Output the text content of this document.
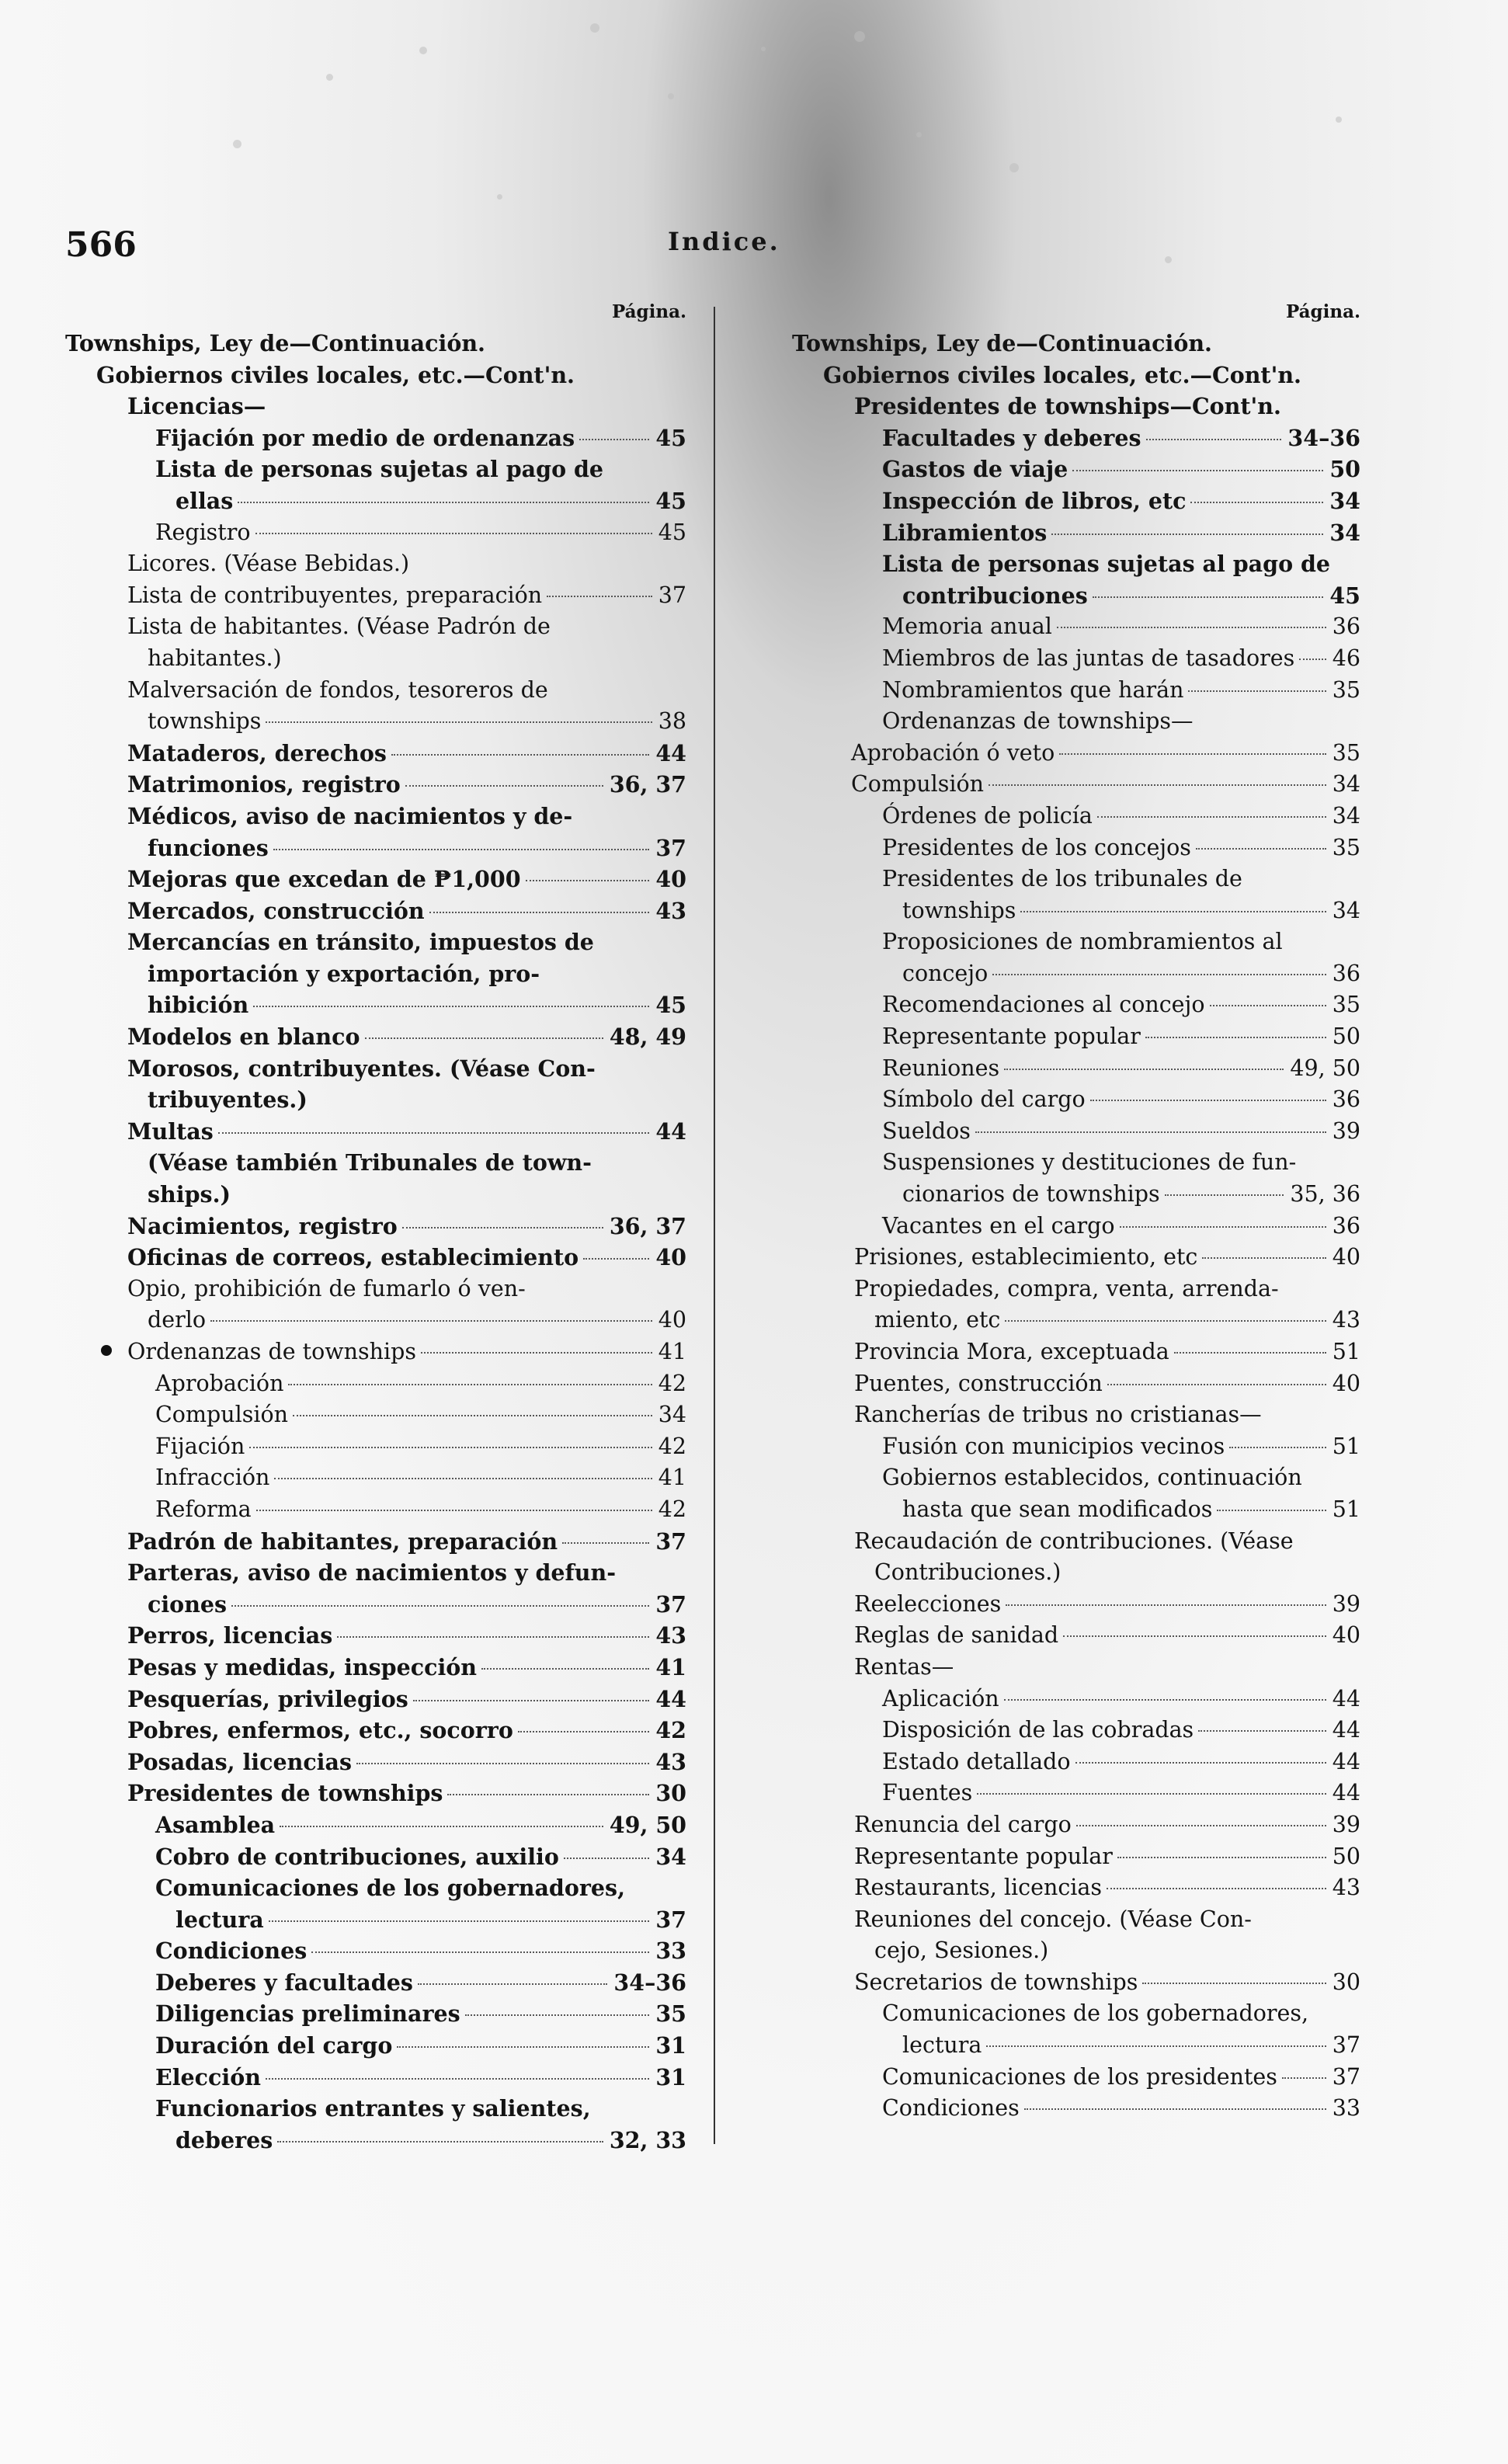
566	Indice.
Página.
Townships, Ley de—Continuación.
Gobiernos civiles locales, etc.—Cont'n.
Licencias—
Fijación por medio de ordenanzas	45
Lista de personas sujetas al pago de
ellas	45
Registro	45
Licores. (Véase Bebidas.)
Lista de contribuyentes, preparación	37
Lista de habitantes. (Véase Padrón de
habitantes.)
Malversación de fondos, tesoreros de
townships	38
Mataderos, derechos	44
Matrimonios, registro	36, 37
Médicos, aviso de nacimientos y de-
funciones	37
Mejoras que excedan de ₱1,000	40
Mercados, construcción	43
Mercancías en tránsito, impuestos de
importación y exportación, pro-
hibición	45
Modelos en blanco	48, 49
Morosos, contribuyentes. (Véase Con-
tribuyentes.)
Multas	44
(Véase también Tribunales de town-
ships.)
Nacimientos, registro	36, 37
Oficinas de correos, establecimiento	40
Opio, prohibición de fumarlo ó ven-
derlo	40
Ordenanzas de townships	41
Aprobación	42
Compulsión	34
Fijación	42
Infracción	41
Reforma	42
Padrón de habitantes, preparación	37
Parteras, aviso de nacimientos y defun-
ciones	37
Perros, licencias	43
Pesas y medidas, inspección	41
Pesquerías, privilegios	44
Pobres, enfermos, etc., socorro	42
Posadas, licencias	43
Presidentes de townships	30
Asamblea	49, 50
Cobro de contribuciones, auxilio	34
Comunicaciones de los gobernadores,
lectura	37
Condiciones	33
Deberes y facultades	34–36
Diligencias preliminares	35
Duración del cargo	31
Elección	31
Funcionarios entrantes y salientes,
deberes	32, 33
Página.
Townships, Ley de—Continuación.
Gobiernos civiles locales, etc.—Cont'n.
Presidentes de townships—Cont'n.
Facultades y deberes	34–36
Gastos de viaje	50
Inspección de libros, etc	34
Libramientos	34
Lista de personas sujetas al pago de
contribuciones	45
Memoria anual	36
Miembros de las juntas de tasadores 46
Nombramientos que harán	35
Ordenanzas de townships—
Aprobación ó veto	35
Compulsión	34
Órdenes de policía	34
Presidentes de los concejos	35
Presidentes de los tribunales de
townships	34
Proposiciones de nombramientos al
concejo	36
Recomendaciones al concejo	35
Representante popular	50
Reuniones	49, 50
Símbolo del cargo	36
Sueldos	39
Suspensiones y destituciones de fun-
cionarios de townships	35, 36
Vacantes en el cargo	36
Prisiones, establecimiento, etc	40
Propiedades, compra, venta, arrenda-
miento, etc	43
Provincia Mora, exceptuada	51
Puentes, construcción	40
Rancherías de tribus no cristianas—
Fusión con municipios vecinos	51
Gobiernos establecidos, continuación
hasta que sean modificados	51
Recaudación de contribuciones. (Véase
Contribuciones.)
Reelecciones	39
Reglas de sanidad	40
Rentas—
Aplicación	44
Disposición de las cobradas	44
Estado detallado	44
Fuentes	44
Renuncia del cargo	39
Representante popular	50
Restaurants, licencias	43
Reuniones del concejo. (Véase Con-
cejo, Sesiones.)
Secretarios de townships	30
Comunicaciones de los gobernadores,
lectura	37
Comunicaciones de los presidentes 37
Condiciones	33
